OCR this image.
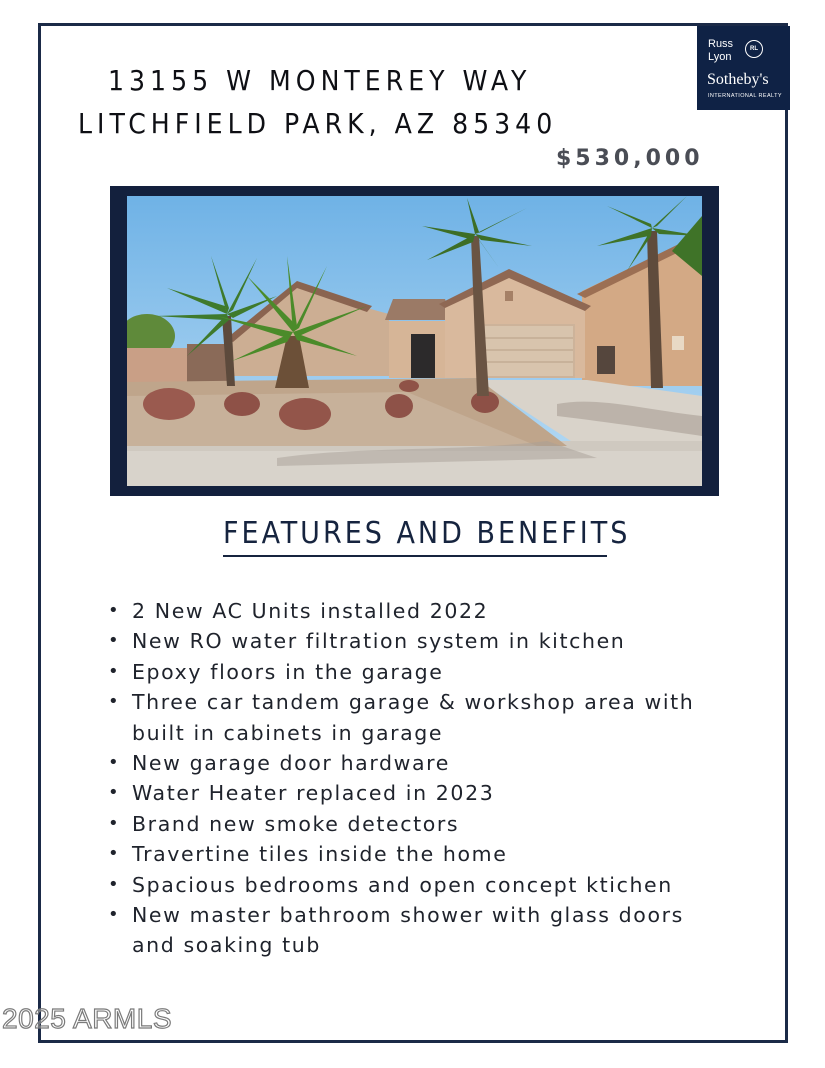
Russ
Lyon
RL
Sotheby's
INTERNATIONAL REALTY
13155 W MONTEREY WAY
LITCHFIELD PARK, AZ 85340
$530,000
FEATURES AND BENEFITS
• 2 New AC Units installed 2022
• New RO water filtration system in kitchen
• Epoxy floors in the garage
• Three car tandem garage & workshop area with built in cabinets in garage
• New garage door hardware
• Water Heater replaced in 2023
• Brand new smoke detectors
• Travertine tiles inside the home
• Spacious bedrooms and open concept ktichen
• New master bathroom shower with glass doors and soaking tub
2025 ARMLS
